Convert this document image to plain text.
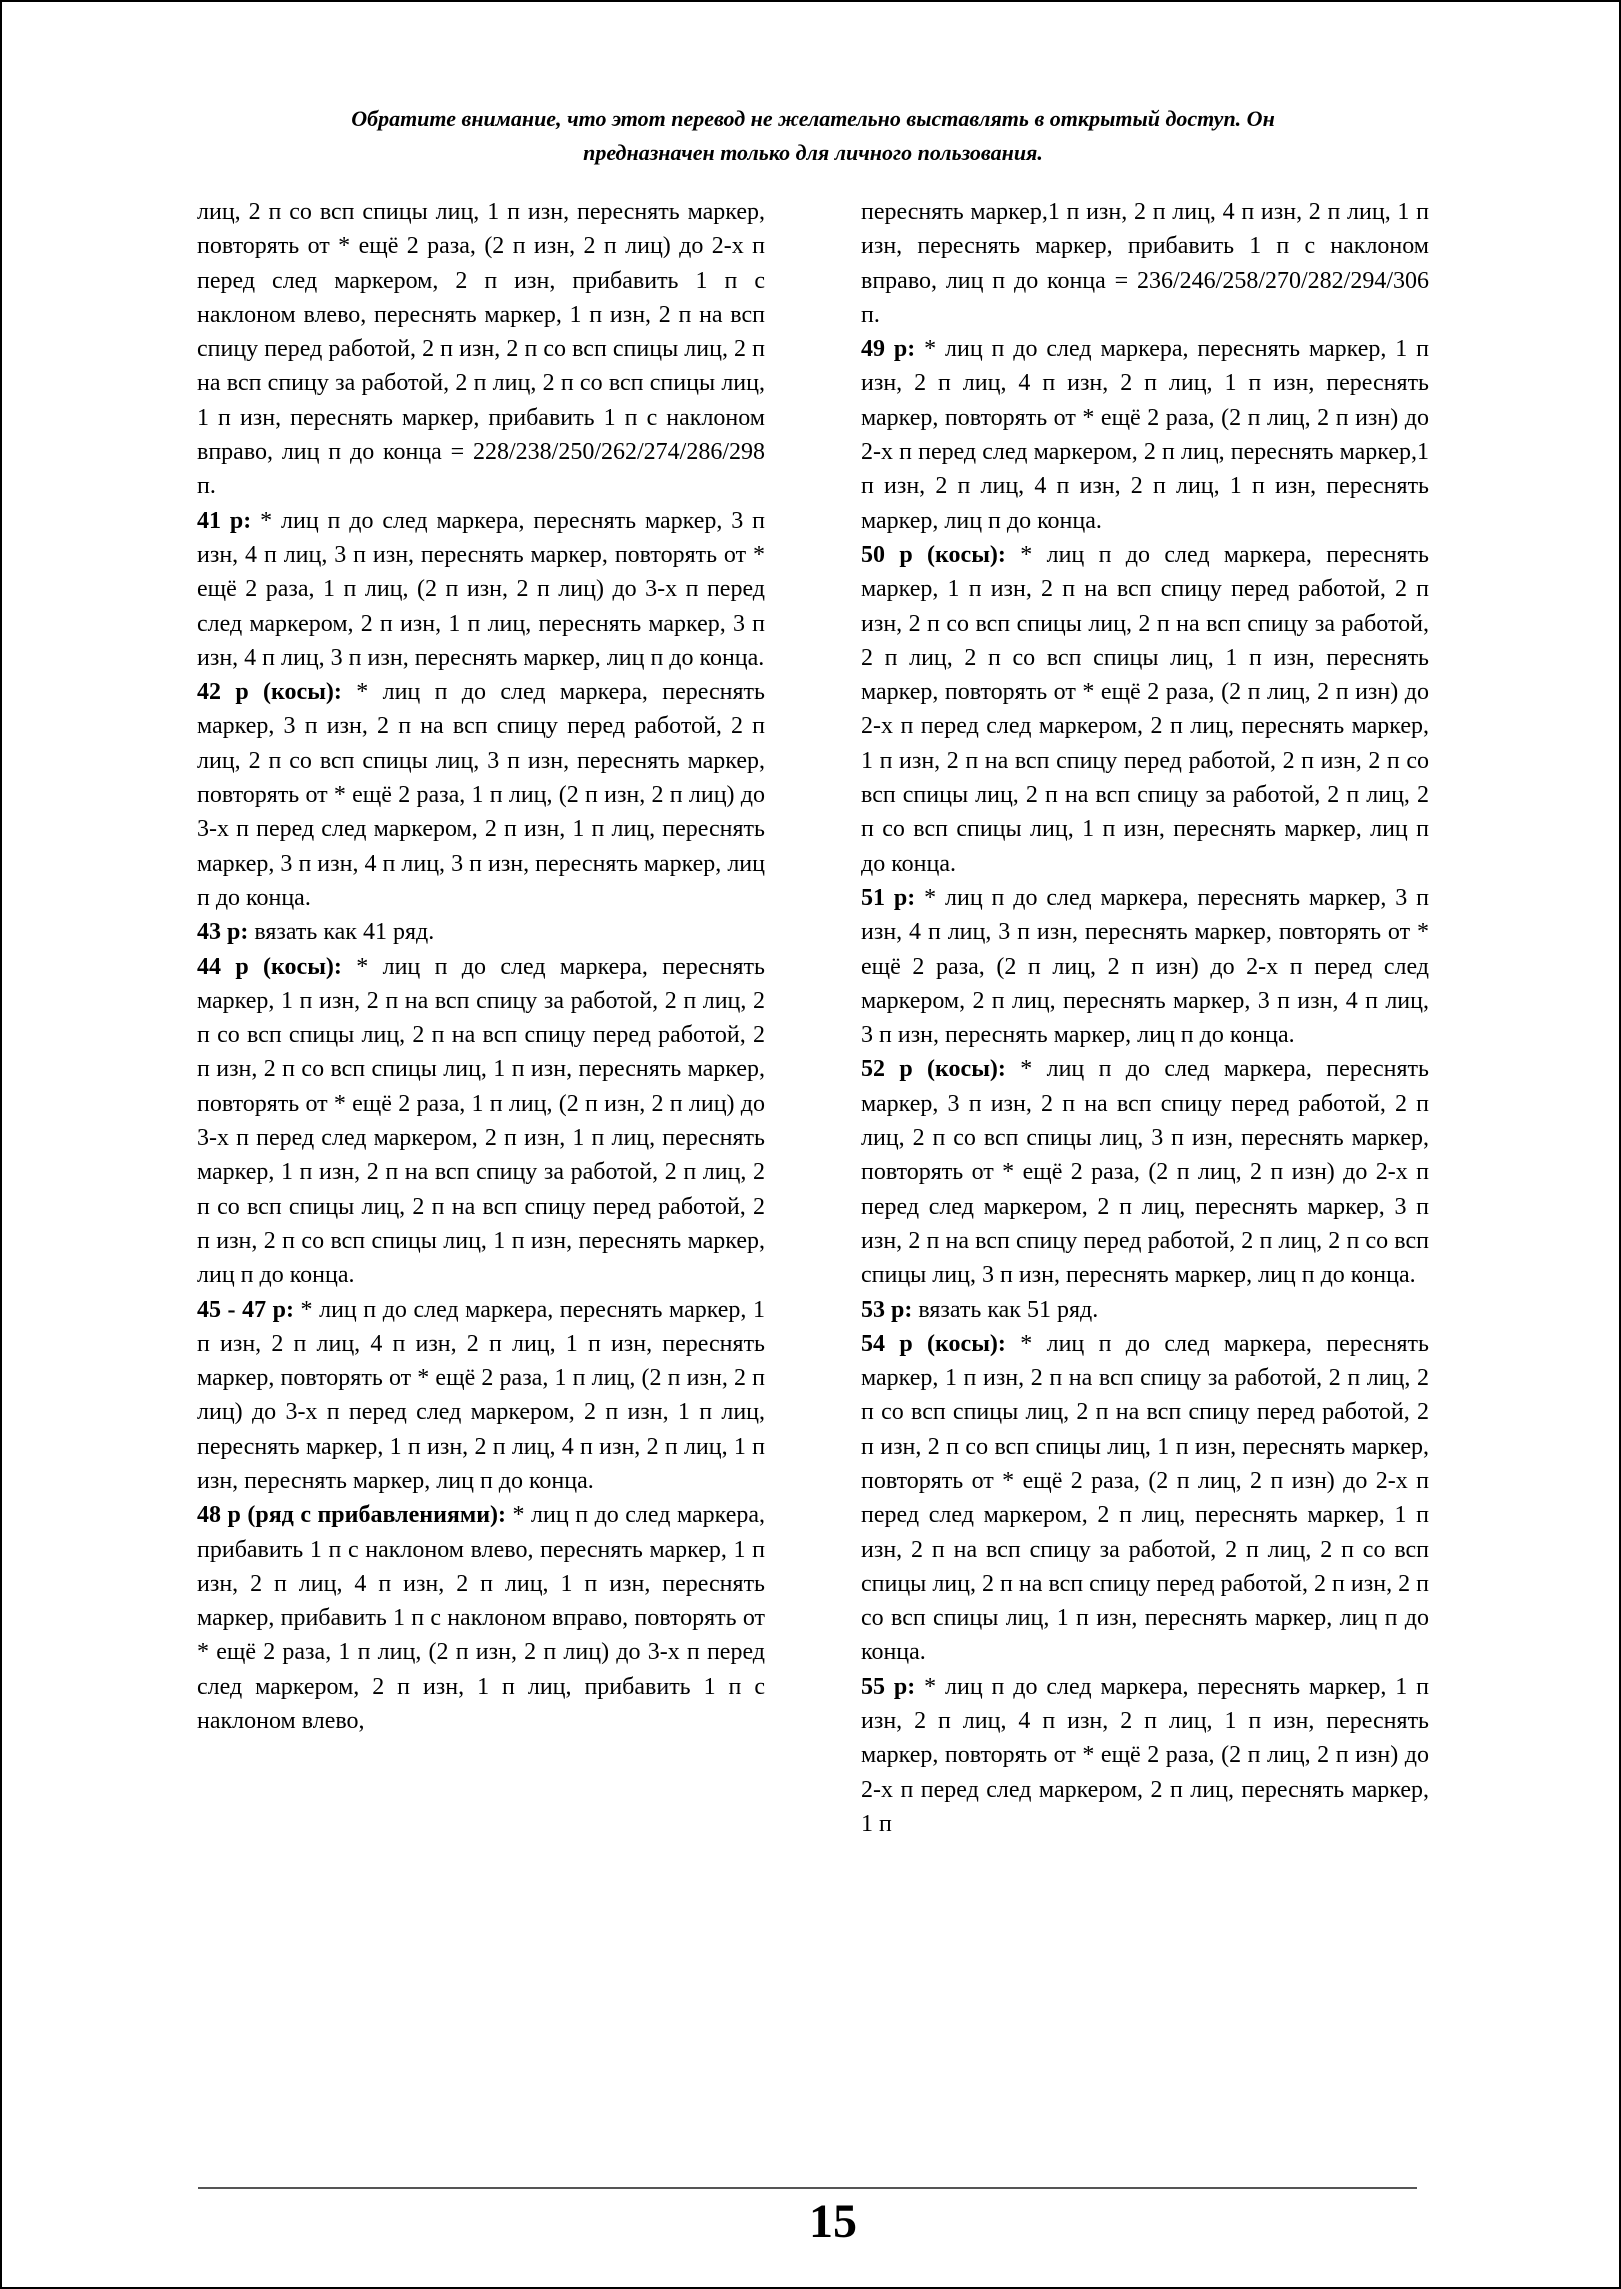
Обратите внимание, что этот перевод не желательно выставлять в открытый доступ. Он
предназначен только для личного пользования.

лиц, 2 п со всп спицы лиц, 1 п изн, переснять маркер, повторять от * ещё 2 раза, (2 п изн, 2 п лиц) до 2-х п перед след маркером, 2 п изн, прибавить 1 п с наклоном влево, переснять маркер, 1 п изн, 2 п на всп спицу перед работой, 2 п изн, 2 п со всп спицы лиц, 2 п на всп спицу за работой, 2 п лиц, 2 п со всп спицы лиц, 1 п изн, переснять маркер, прибавить 1 п с наклоном вправо, лиц п до конца = 228/238/250/262/274/286/298 п.

41 р: * лиц п до след маркера, переснять маркер, 3 п изн, 4 п лиц, 3 п изн, переснять маркер, повторять от * ещё 2 раза, 1 п лиц, (2 п изн, 2 п лиц) до 3-х п перед след маркером, 2 п изн, 1 п лиц, переснять маркер, 3 п изн, 4 п лиц, 3 п изн, переснять маркер, лиц п до конца.

42 р (косы): * лиц п до след маркера, переснять маркер, 3 п изн, 2 п на всп спицу перед работой, 2 п лиц, 2 п со всп спицы лиц, 3 п изн, переснять маркер, повторять от * ещё 2 раза, 1 п лиц, (2 п изн, 2 п лиц) до 3-х п перед след маркером, 2 п изн, 1 п лиц, переснять маркер, 3 п изн, 4 п лиц, 3 п изн, переснять маркер, лиц п до конца.

43 р: вязать как 41 ряд.

44 р (косы): * лиц п до след маркера, переснять маркер, 1 п изн, 2 п на всп спицу за работой, 2 п лиц, 2 п со всп спицы лиц, 2 п на всп спицу перед работой, 2 п изн, 2 п со всп спицы лиц, 1 п изн, переснять маркер, повторять от * ещё 2 раза, 1 п лиц, (2 п изн, 2 п лиц) до 3-х п перед след маркером, 2 п изн, 1 п лиц, переснять маркер, 1 п изн, 2 п на всп спицу за работой, 2 п лиц, 2 п со всп спицы лиц, 2 п на всп спицу перед работой, 2 п изн, 2 п со всп спицы лиц, 1 п изн, переснять маркер, лиц п до конца.

45 - 47 р: * лиц п до след маркера, переснять маркер, 1 п изн, 2 п лиц, 4 п изн, 2 п лиц, 1 п изн, переснять маркер, повторять от * ещё 2 раза, 1 п лиц, (2 п изн, 2 п лиц) до 3-х п перед след маркером, 2 п изн, 1 п лиц, переснять маркер, 1 п изн, 2 п лиц, 4 п изн, 2 п лиц, 1 п изн, переснять маркер, лиц п до конца.

48 р (ряд с прибавлениями): * лиц п до след маркера, прибавить 1 п с наклоном влево, переснять маркер, 1 п изн, 2 п лиц, 4 п изн, 2 п лиц, 1 п изн, переснять маркер, прибавить 1 п с наклоном вправо, повторять от * ещё 2 раза, 1 п лиц, (2 п изн, 2 п лиц) до 3-х п перед след маркером, 2 п изн, 1 п лиц, прибавить 1 п с наклоном влево,

переснять маркер,1 п изн, 2 п лиц, 4 п изн, 2 п лиц, 1 п изн, переснять маркер, прибавить 1 п с наклоном вправо, лиц п до конца = 236/246/258/270/282/294/306 п.

49 р: * лиц п до след маркера, переснять маркер, 1 п изн, 2 п лиц, 4 п изн, 2 п лиц, 1 п изн, переснять маркер, повторять от * ещё 2 раза, (2 п лиц, 2 п изн) до 2-х п перед след маркером, 2 п лиц, переснять маркер,1 п изн, 2 п лиц, 4 п изн, 2 п лиц, 1 п изн, переснять маркер, лиц п до конца.

50 р (косы): * лиц п до след маркера, переснять маркер, 1 п изн, 2 п на всп спицу перед работой, 2 п изн, 2 п со всп спицы лиц, 2 п на всп спицу за работой, 2 п лиц, 2 п со всп спицы лиц, 1 п изн, переснять маркер, повторять от * ещё 2 раза, (2 п лиц, 2 п изн) до 2-х п перед след маркером, 2 п лиц, переснять маркер, 1 п изн, 2 п на всп спицу перед работой, 2 п изн, 2 п со всп спицы лиц, 2 п на всп спицу за работой, 2 п лиц, 2 п со всп спицы лиц, 1 п изн, переснять маркер, лиц п до конца.

51 р: * лиц п до след маркера, переснять маркер, 3 п изн, 4 п лиц, 3 п изн, переснять маркер, повторять от * ещё 2 раза, (2 п лиц, 2 п изн) до 2-х п перед след маркером, 2 п лиц, переснять маркер, 3 п изн, 4 п лиц, 3 п изн, переснять маркер, лиц п до конца.

52 р (косы): * лиц п до след маркера, переснять маркер, 3 п изн, 2 п на всп спицу перед работой, 2 п лиц, 2 п со всп спицы лиц, 3 п изн, переснять маркер, повторять от * ещё 2 раза, (2 п лиц, 2 п изн) до 2-х п перед след маркером, 2 п лиц, переснять маркер, 3 п изн, 2 п на всп спицу перед работой, 2 п лиц, 2 п со всп спицы лиц, 3 п изн, переснять маркер, лиц п до конца.

53 р: вязать как 51 ряд.

54 р (косы): * лиц п до след маркера, переснять маркер, 1 п изн, 2 п на всп спицу за работой, 2 п лиц, 2 п со всп спицы лиц, 2 п на всп спицу перед работой, 2 п изн, 2 п со всп спицы лиц, 1 п изн, переснять маркер, повторять от * ещё 2 раза, (2 п лиц, 2 п изн) до 2-х п перед след маркером, 2 п лиц, переснять маркер, 1 п изн, 2 п на всп спицу за работой, 2 п лиц, 2 п со всп спицы лиц, 2 п на всп спицу перед работой, 2 п изн, 2 п со всп спицы лиц, 1 п изн, переснять маркер, лиц п до конца.

55 р: * лиц п до след маркера, переснять маркер, 1 п изн, 2 п лиц, 4 п изн, 2 п лиц, 1 п изн, переснять маркер, повторять от * ещё 2 раза, (2 п лиц, 2 п изн) до 2-х п перед след маркером, 2 п лиц, переснять маркер, 1 п

15
